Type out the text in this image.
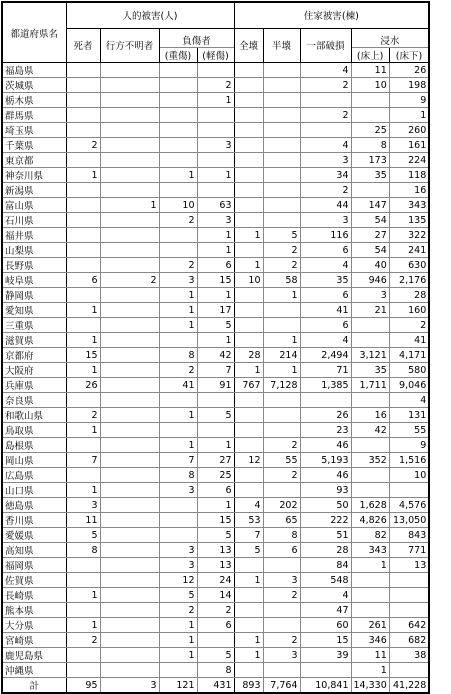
都道府県名	人的被害(人)				住家被害(棟)				
	死者	行方不明者			全壊	半壊	一部破損		
			負傷者					浸水	
			(重傷)	(軽傷)				(床上)	(床下)
福島県							4	11	26
茨城県				2			2	10	198
栃木県				1					9
群馬県							2		1
埼玉県								25	260
千葉県	2			3			4	8	161
東京都							3	173	224
神奈川県	1		1	1			34	35	118
新潟県							2		16
富山県		1	10	63			44	147	343
石川県			2	3			3	54	135
福井県				1	1	5	116	27	322
山梨県				1		2	6	54	241
長野県			2	6	1	2	4	40	630
岐阜県	6	2	3	15	10	58	35	946	2,176
静岡県			1	1		1	6	3	28
愛知県	1		1	17			41	21	160
三重県			1	5			6		2
滋賀県	1			1		1	4		41
京都府	15		8	42	28	214	2,494	3,121	4,171
大阪府	1		2	7	1	1	71	35	580
兵庫県	26		41	91	767	7,128	1,385	1,711	9,046
奈良県									4
和歌山県	2		1	5			26	16	131
鳥取県	1						23	42	55
島根県			1	1		2	46		9
岡山県	7		7	27	12	55	5,193	352	1,516
広島県			8	25		2	46		10
山口県	1		3	6			93		
徳島県	3			1	4	202	50	1,628	4,576
香川県	11			15	53	65	222	4,826	13,050
愛媛県	5			5	7	8	51	82	843
高知県	8		3	13	5	6	28	343	771
福岡県			3	13			84	1	13
佐賀県			12	24	1	3	548		
長崎県	1		5	14		2	4		
熊本県			2	2			47		
大分県	1		1	6			60	261	642
宮崎県	2		1		1	2	15	346	682
鹿児島県			1	5	1	3	39	11	38
沖縄県				8				1	
計	95	3	121	431	893	7,764	10,841	14,330	41,228
